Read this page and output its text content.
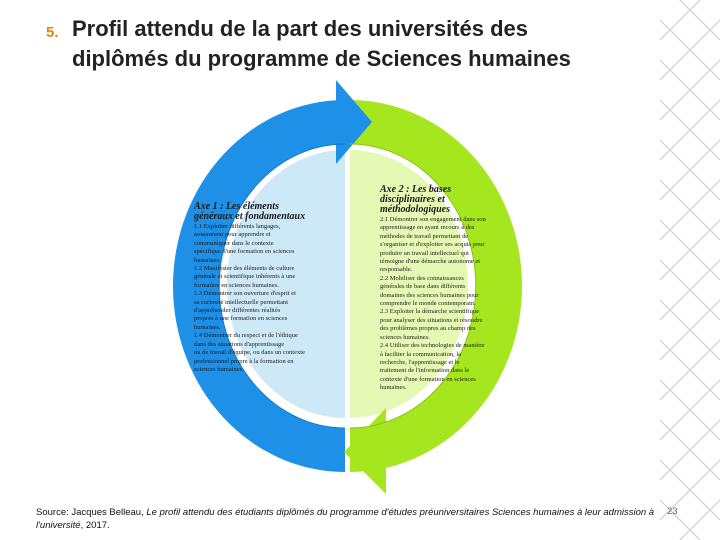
5. Profil attendu de la part des universités des
diplômés du programme de Sciences humaines
Axe 1 : Les éléments
généraux et fondamentaux
1.1 Exploiter différents langages,
notamment pour apprendre et
communiquer dans le contexte
spécifique d'une formation en sciences
humaines.
1.2 Manifester des éléments de culture
générale et scientifique inhérents à une
formation en sciences humaines.
1.3 Démontrer son ouverture d'esprit et
sa curiosité intellectuelle permettant
d'appréhender différentes réalités
propres à une formation en sciences
humaines.
1.4 Démontrer du respect et de l'éthique
dans des situations d'apprentissage
ou de travail d'équipe, ou dans un contexte
professionnel propre à la formation en
sciences humaines.
Axe 2 : Les bases
disciplinaires et
méthodologiques
2.1 Démontrer son engagement dans son
apprentissage en ayant recours à des
méthodes de travail permettant de
s'organiser et d'exploiter ses acquis pour
produire un travail intellectuel qui
témoigne d'une démarche autonome et
responsable.
2.2 Mobiliser des connaissances
générales de base dans différents
domaines des sciences humaines pour
comprendre le monde contemporain.
2.3 Exploiter la démarche scientifique
pour analyser des situations et résoudre
des problèmes propres au champ des
sciences humaines.
2.4 Utiliser des technologies de manière
à faciliter la communication, la
recherche, l'apprentissage et le
traitement de l'information dans le
contexte d'une formation en sciences
humaines.
Source: Jacques Belleau, Le profil attendu des étudiants diplômés du programme d'études préuniversitaires Sciences humaines à leur admission à l'université, 2017.
23
